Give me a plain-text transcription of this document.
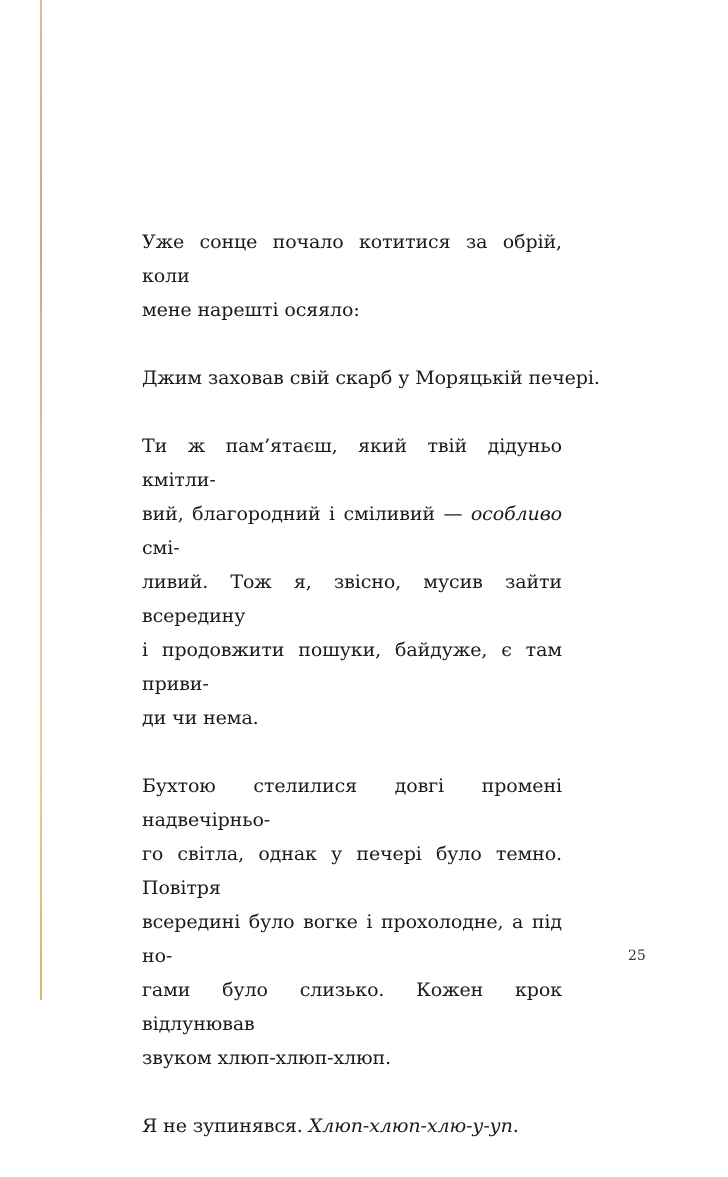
Уже сонце почало котитися за обрій, коли
мене нарешті осяяло:

Джим заховав свій скарб у Моряцькій печері.

Ти ж пам’ятаєш, який твій дідуньо кмітли-
вий, благородний і сміливий — особливо смі-
ливий. Тож я, звісно, мусив зайти всередину
і продовжити пошуки, байдуже, є там приви-
ди чи нема.

Бухтою стелилися довгі промені надвечірньо-
го світла, однак у печері було темно. Повітря
всередині було вогке і прохолодне, а під но-
гами було слизько. Кожен крок відлунював
звуком хлюп-хлюп-хлюп.

Я не зупинявся. Хлюп-хлюп-хлю-у-уп.

25
